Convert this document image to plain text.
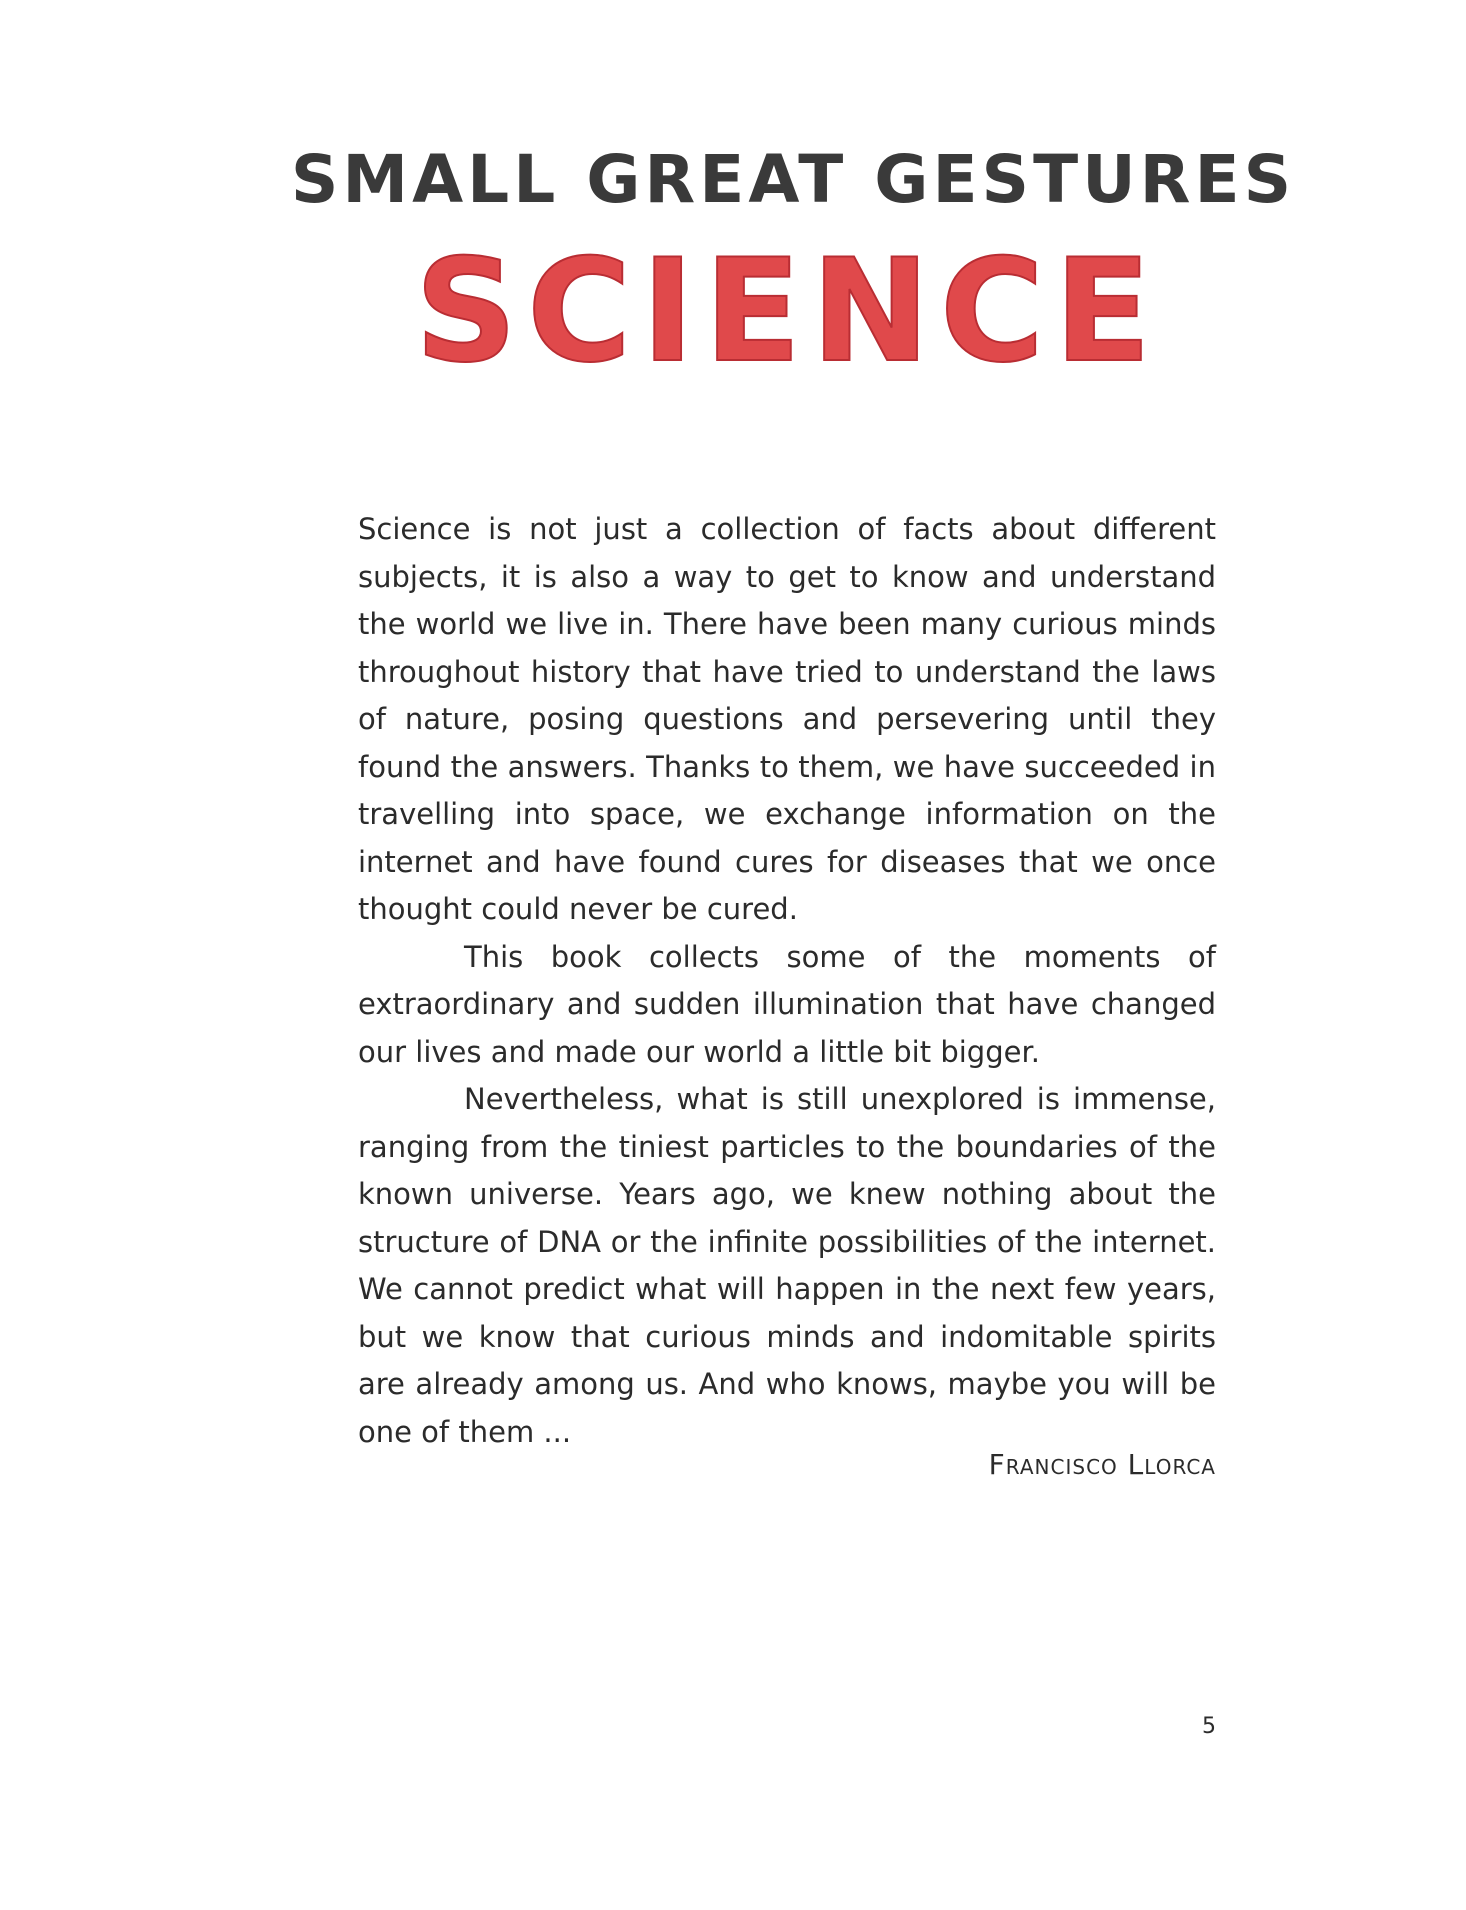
SMALL GREAT GESTURES
SCIENCE

Science is not just a collection of facts about different subjects, it is also a way to get to know and understand the world we live in. There have been many curious minds throughout history that have tried to understand the laws of nature, posing questions and persevering until they found the answers. Thanks to them, we have succeeded in travelling into space, we exchange information on the internet and have found cures for diseases that we once thought could never be cured.

This book collects some of the moments of extraordinary and sudden illumination that have changed our lives and made our world a little bit bigger.

Nevertheless, what is still unexplored is immense, ranging from the tiniest particles to the boundaries of the known universe. Years ago, we knew nothing about the structure of DNA or the infinite possibilities of the internet. We cannot predict what will happen in the next few years, but we know that curious minds and indomitable spirits are already among us. And who knows, maybe you will be one of them ...

Francisco Llorca
5
